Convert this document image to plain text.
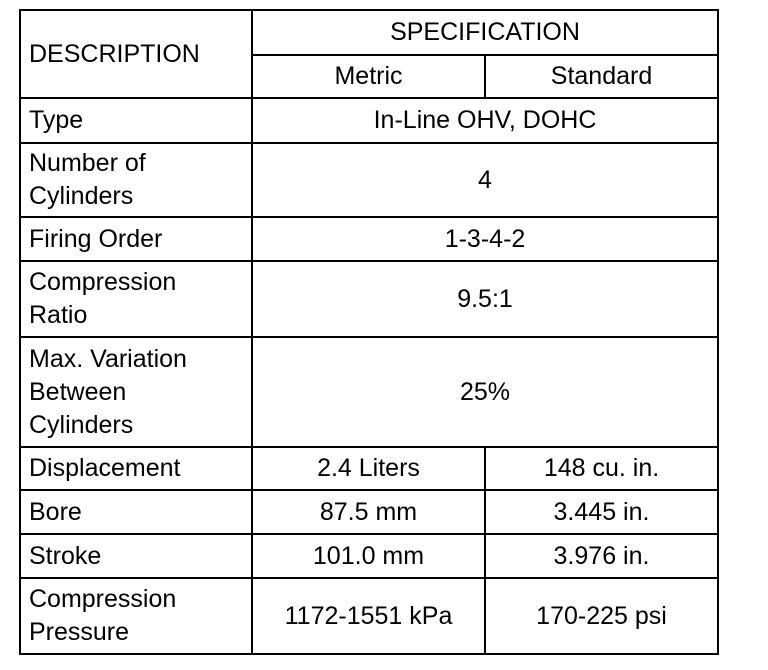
DESCRIPTION	SPECIFICATION	
	Metric	Standard
Type	In-Line OHV, DOHC	
Number of
Cylinders	4	
Firing Order	1-3-4-2	
Compression
Ratio	9.5:1	
Max. Variation
Between
Cylinders	25%	
Displacement	2.4 Liters	148 cu. in.
Bore	87.5 mm	3.445 in.
Stroke	101.0 mm	3.976 in.
Compression
Pressure	1172-1551 kPa	170-225 psi
